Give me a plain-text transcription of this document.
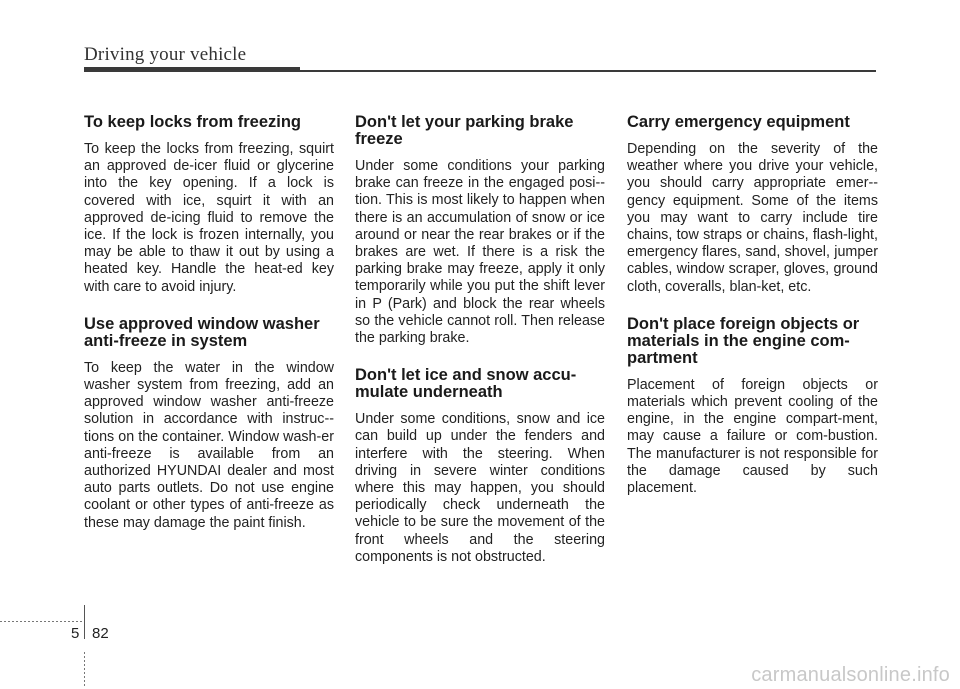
Driving your vehicle
To keep locks from freezing

To keep the locks from freezing, squirt an approved de-icer fluid or glycerine into the key opening. If a lock is covered with ice, squirt it with an approved de-icing fluid to remove the ice. If the lock is frozen internally, you may be able to thaw it out by using a heated key. Handle the heat-ed key with care to avoid injury.

Use approved window washer anti-freeze in system

To keep the water in the window washer system from freezing, add an approved window washer anti-freeze solution in accordance with instruc-tions on the container. Window wash-er anti-freeze is available from an authorized HYUNDAI dealer and most auto parts outlets. Do not use engine coolant or other types of anti-freeze as these may damage the paint finish.

Don't let your parking brake freeze

Under some conditions your parking brake can freeze in the engaged posi-tion. This is most likely to happen when there is an accumulation of snow or ice around or near the rear brakes or if the brakes are wet. If there is a risk the parking brake may freeze, apply it only temporarily while you put the shift lever in P (Park) and block the rear wheels so the vehicle cannot roll. Then release the parking brake.

Don't let ice and snow accu-mulate underneath

Under some conditions, snow and ice can build up under the fenders and interfere with the steering. When driving in severe winter conditions where this may happen, you should periodically check underneath the vehicle to be sure the movement of the front wheels and the steering components is not obstructed.

Carry emergency equipment

Depending on the severity of the weather where you drive your vehicle, you should carry appropriate emer-gency equipment. Some of the items you may want to carry include tire chains, tow straps or chains, flash-light, emergency flares, sand, shovel, jumper cables, window scraper, gloves, ground cloth, coveralls, blan-ket, etc.

Don't place foreign objects or materials in the engine com-partment

Placement of foreign objects or materials which prevent cooling of the engine, in the engine compart-ment, may cause a failure or com-bustion. The manufacturer is not responsible for the damage caused by such placement.

5 82
carmanualsonline.info
